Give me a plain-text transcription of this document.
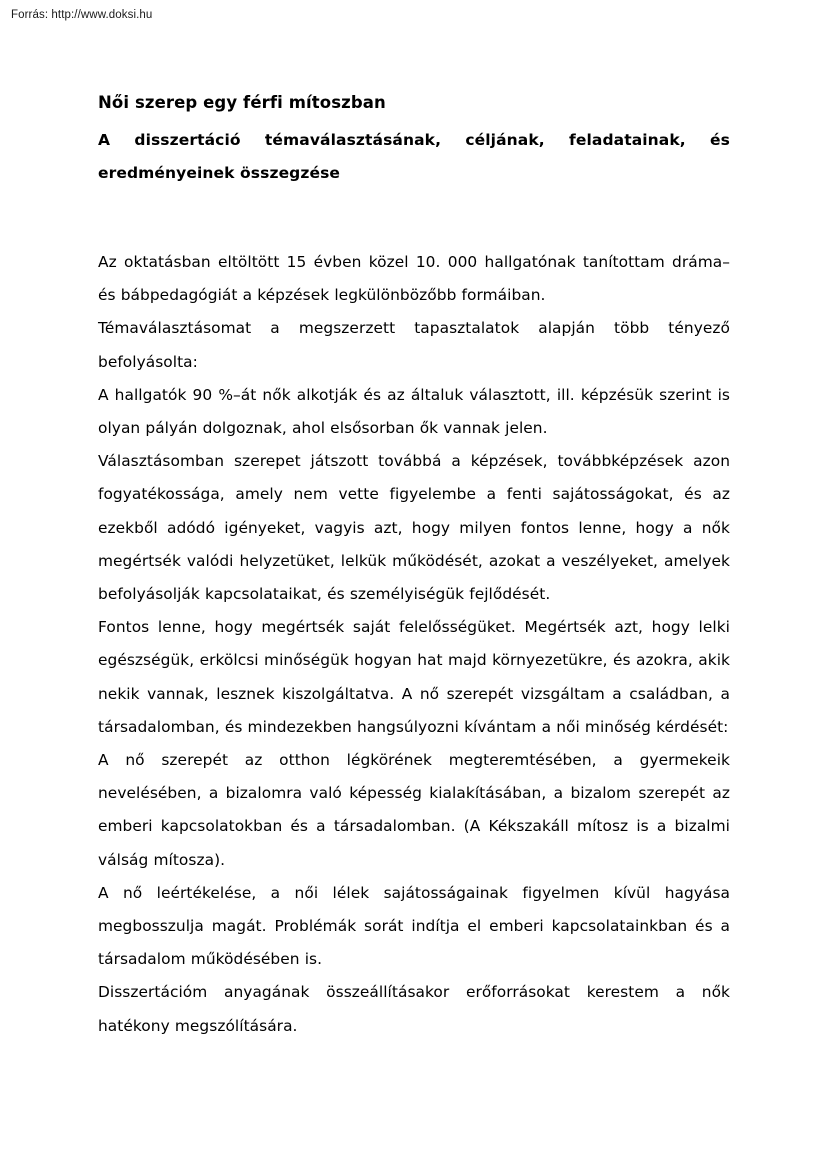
Forrás: http://www.doksi.hu
Női szerep egy férfi mítoszban
A disszertáció témaválasztásának, céljának, feladatainak, és eredményeinek összegzése

Az oktatásban eltöltött 15 évben közel 10. 000 hallgatónak tanítottam dráma– és bábpedagógiát a képzések legkülönbözőbb formáiban.

Témaválasztásomat a megszerzett tapasztalatok alapján több tényező befolyásolta:

A hallgatók 90 %–át nők alkotják és az általuk választott, ill. képzésük szerint is olyan pályán dolgoznak, ahol elsősorban ők vannak jelen.

Választásomban szerepet játszott továbbá a képzések, továbbképzések azon fogyatékossága, amely nem vette figyelembe a fenti sajátosságokat, és az ezekből adódó igényeket, vagyis azt, hogy milyen fontos lenne, hogy a nők megértsék valódi helyzetüket, lelkük működését, azokat a veszélyeket, amelyek befolyásolják kapcsolataikat, és személyiségük fejlődését.

Fontos lenne, hogy megértsék saját felelősségüket. Megértsék azt, hogy lelki egészségük, erkölcsi minőségük hogyan hat majd környezetükre, és azokra, akik nekik vannak, lesznek kiszolgáltatva. A nő szerepét vizsgáltam a családban, a társadalomban, és mindezekben hangsúlyozni kívántam a női minőség kérdését:

A nő szerepét az otthon légkörének megteremtésében, a gyermekeik nevelésében, a bizalomra való képesség kialakításában, a bizalom szerepét az emberi kapcsolatokban és a társadalomban. (A Kékszakáll mítosz is a bizalmi válság mítosza).

A nő leértékelése, a női lélek sajátosságainak figyelmen kívül hagyása megbosszulja magát. Problémák sorát indítja el emberi kapcsolatainkban és a társadalom működésében is.

Disszertációm anyagának összeállításakor erőforrásokat kerestem a nők hatékony megszólítására.
